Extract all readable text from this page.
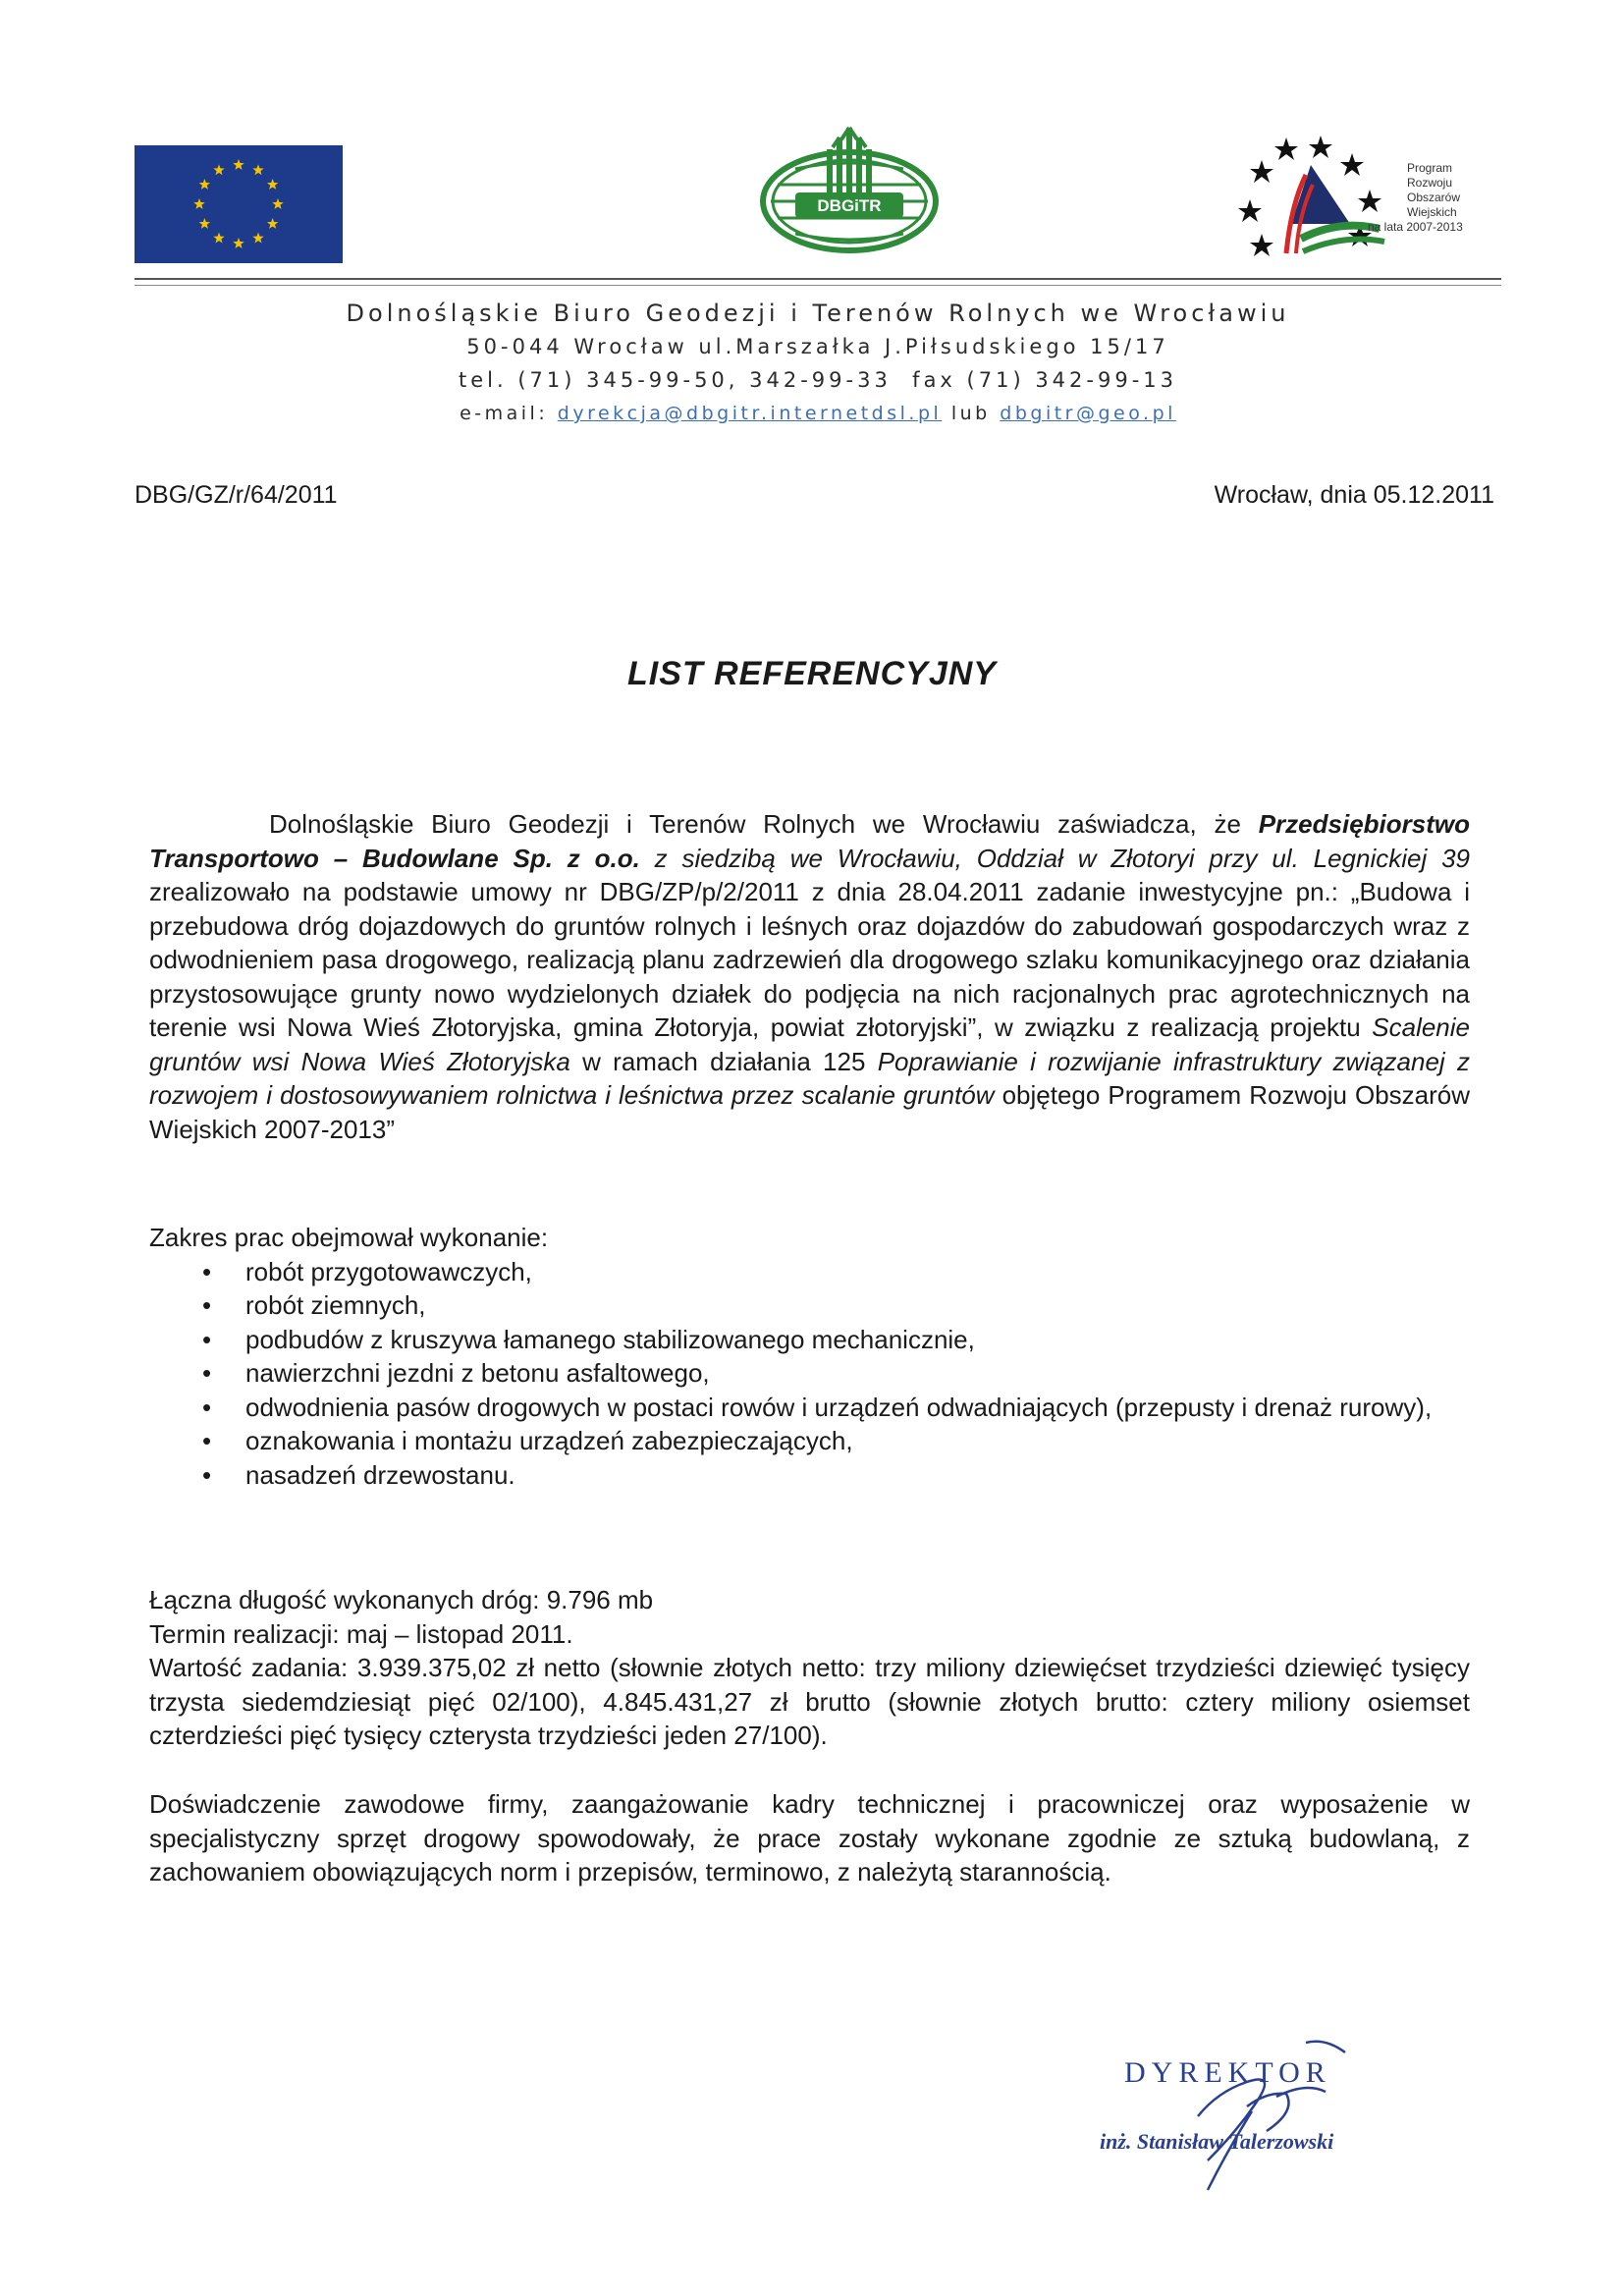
DBGiTR
Program
Rozwoju
Obszarów
Wiejskich
na lata 2007-2013
Dolnośląskie Biuro Geodezji i Terenów Rolnych we Wrocławiu
50-044 Wrocław ul.Marszałka J.Piłsudskiego 15/17
tel. (71) 345-99-50, 342-99-33  fax (71) 342-99-13
e-mail: dyrekcja@dbgitr.internetdsl.pl lub dbgitr@geo.pl
DBG/GZ/r/64/2011	Wrocław, dnia 05.12.2011
LIST REFERENCYJNY
Dolnośląskie Biuro Geodezji i Terenów Rolnych we Wrocławiu zaświadcza, że Przedsiębiorstwo Transportowo – Budowlane Sp. z o.o. z siedzibą we Wrocławiu, Oddział w Złotoryi przy ul. Legnickiej 39 zrealizowało na podstawie umowy nr DBG/ZP/p/2/2011 z dnia 28.04.2011 zadanie inwestycyjne pn.: „Budowa i przebudowa dróg dojazdowych do gruntów rolnych i leśnych oraz dojazdów do zabudowań gospodarczych wraz z odwodnieniem pasa drogowego, realizacją planu zadrzewień dla drogowego szlaku komunikacyjnego oraz działania przystosowujące grunty nowo wydzielonych działek do podjęcia na nich racjonalnych prac agrotechnicznych na terenie wsi Nowa Wieś Złotoryjska, gmina Złotoryja, powiat złotoryjski”, w związku z realizacją projektu Scalenie gruntów wsi Nowa Wieś Złotoryjska w ramach działania 125 Poprawianie i rozwijanie infrastruktury związanej z rozwojem i dostosowywaniem rolnictwa i leśnictwa przez scalanie gruntów objętego Programem Rozwoju Obszarów Wiejskich 2007-2013”
Zakres prac obejmował wykonanie:
• robót przygotowawczych,
• robót ziemnych,
• podbudów z kruszywa łamanego stabilizowanego mechanicznie,
• nawierzchni jezdni z betonu asfaltowego,
• odwodnienia pasów drogowych w postaci rowów i urządzeń odwadniających (przepusty i drenaż rurowy),
• oznakowania i montażu urządzeń zabezpieczających,
• nasadzeń drzewostanu.
Łączna długość wykonanych dróg: 9.796 mb
Termin realizacji: maj – listopad 2011.
Wartość zadania: 3.939.375,02 zł netto (słownie złotych netto: trzy miliony dziewięćset trzydzieści dziewięć tysięcy trzysta siedemdziesiąt pięć 02/100), 4.845.431,27 zł brutto (słownie złotych brutto: cztery miliony osiemset czterdzieści pięć tysięcy czterysta trzydzieści jeden 27/100).
Doświadczenie zawodowe firmy, zaangażowanie kadry technicznej i pracowniczej oraz wyposażenie w specjalistyczny sprzęt drogowy spowodowały, że prace zostały wykonane zgodnie ze sztuką budowlaną, z zachowaniem obowiązujących norm i przepisów, terminowo, z należytą starannością.
DYREKTOR
inż. Stanisław Talerzowski
